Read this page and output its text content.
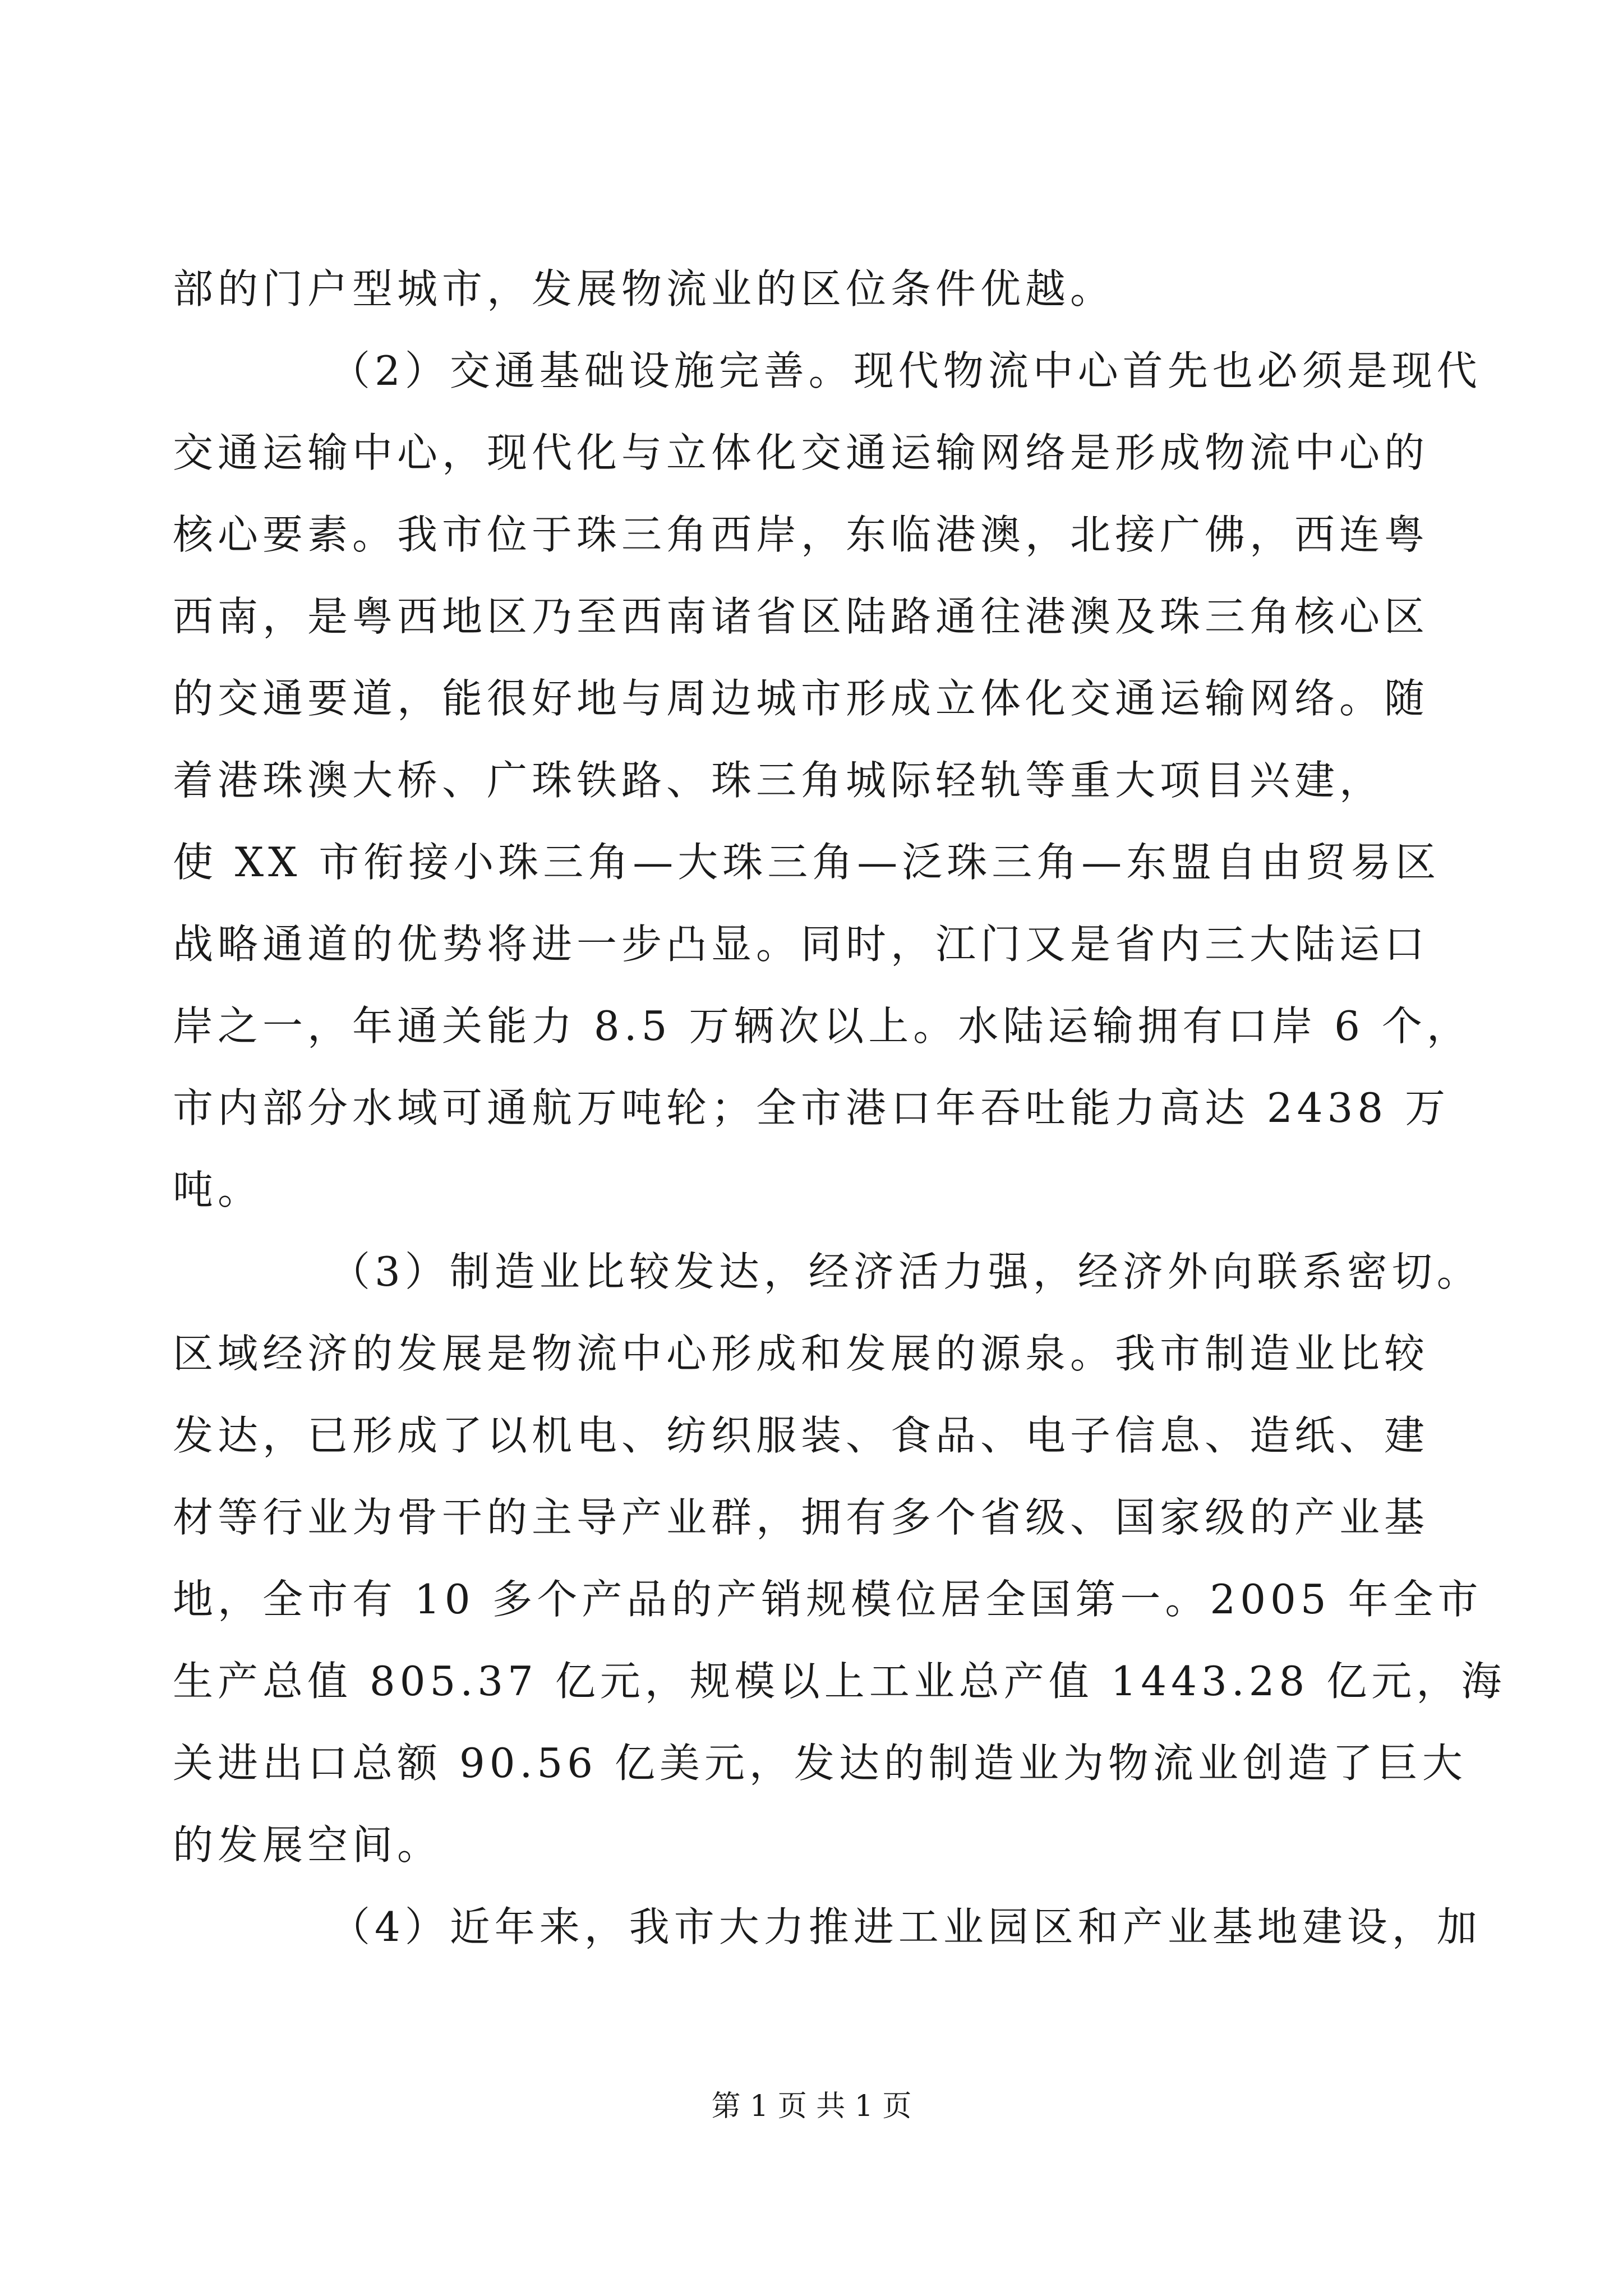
部的门户型城市，发展物流业的区位条件优越。
（2）交通基础设施完善。现代物流中心首先也必须是现代
交通运输中心，现代化与立体化交通运输网络是形成物流中心的
核心要素。我市位于珠三角西岸，东临港澳，北接广佛，西连粤
西南，是粤西地区乃至西南诸省区陆路通往港澳及珠三角核心区
的交通要道，能很好地与周边城市形成立体化交通运输网络。随
着港珠澳大桥、广珠铁路、珠三角城际轻轨等重大项目兴建，
使 XX 市衔接小珠三角—大珠三角—泛珠三角—东盟自由贸易区
战略通道的优势将进一步凸显。同时，江门又是省内三大陆运口
岸之一，年通关能力 8.5 万辆次以上。水陆运输拥有口岸 6 个，
市内部分水域可通航万吨轮；全市港口年吞吐能力高达 2438 万
吨。
（3）制造业比较发达，经济活力强，经济外向联系密切。
区域经济的发展是物流中心形成和发展的源泉。我市制造业比较
发达，已形成了以机电、纺织服装、食品、电子信息、造纸、建
材等行业为骨干的主导产业群，拥有多个省级、国家级的产业基
地，全市有 10 多个产品的产销规模位居全国第一。2005 年全市
生产总值 805.37 亿元，规模以上工业总产值 1443.28 亿元，海
关进出口总额 90.56 亿美元，发达的制造业为物流业创造了巨大
的发展空间。
（4）近年来，我市大力推进工业园区和产业基地建设，加
第 1 页 共 1 页
